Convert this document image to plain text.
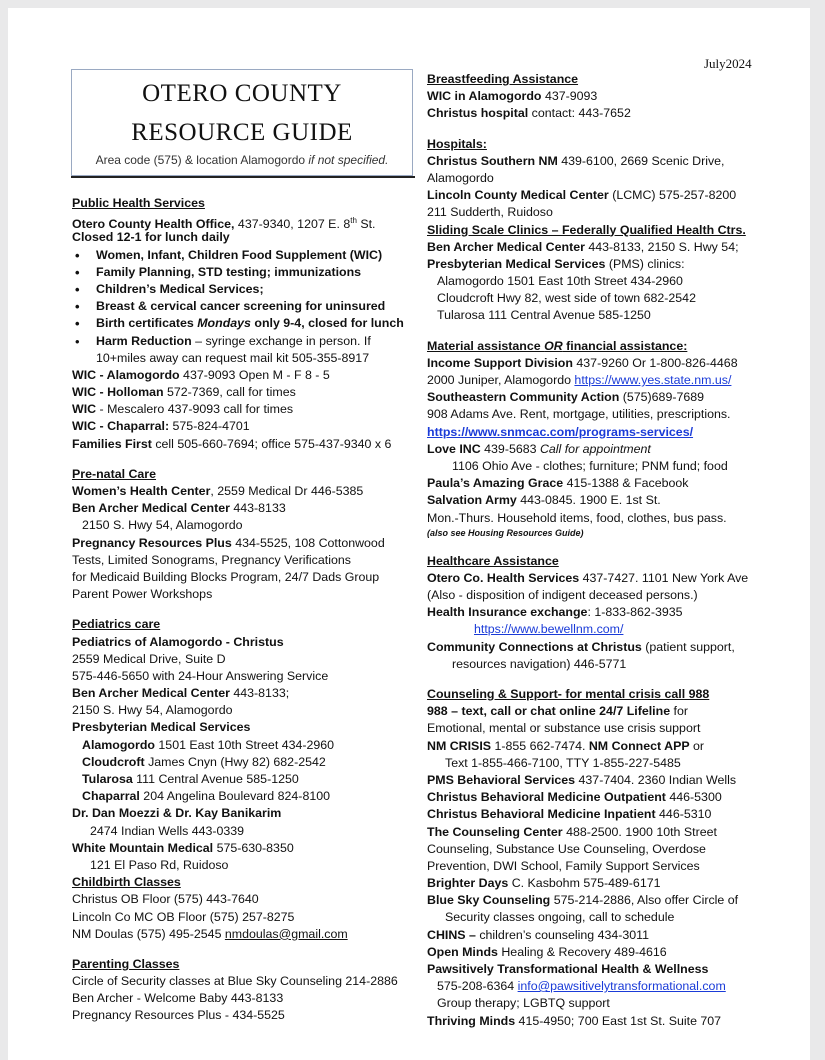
July2024
OTERO COUNTY
RESOURCE GUIDE
Area code (575) & location Alamogordo if not specified.
Public Health Services
Otero County Health Office, 437-9340, 1207 E. 8th St.
Closed 12-1 for lunch daily
• Women, Infant, Children Food Supplement (WIC)
• Family Planning, STD testing; immunizations
• Children’s Medical Services;
• Breast & cervical cancer screening for uninsured
• Birth certificates Mondays only 9-4, closed for lunch
• Harm Reduction – syringe exchange in person. If
10+miles away can request mail kit 505-355-8917
WIC - Alamogordo 437-9093 Open M - F 8 - 5
WIC - Holloman 572-7369, call for times
WIC - Mescalero 437-9093 call for times
WIC - Chaparral: 575-824-4701
Families First cell 505-660-7694; office 575-437-9340 x 6
Pre-natal Care
Women’s Health Center, 2559 Medical Dr 446-5385
Ben Archer Medical Center 443-8133
2150 S. Hwy 54, Alamogordo
Pregnancy Resources Plus 434-5525, 108 Cottonwood
Tests, Limited Sonograms, Pregnancy Verifications
for Medicaid Building Blocks Program, 24/7 Dads Group
Parent Power Workshops
Pediatrics care
Pediatrics of Alamogordo - Christus
2559 Medical Drive, Suite D
575-446-5650 with 24-Hour Answering Service
Ben Archer Medical Center 443-8133;
2150 S. Hwy 54, Alamogordo
Presbyterian Medical Services
Alamogordo 1501 East 10th Street 434-2960
Cloudcroft James Cnyn (Hwy 82) 682-2542
Tularosa 111 Central Avenue 585-1250
Chaparral 204 Angelina Boulevard 824-8100
Dr. Dan Moezzi & Dr. Kay Banikarim
2474 Indian Wells 443-0339
White Mountain Medical 575-630-8350
121 El Paso Rd, Ruidoso
Childbirth Classes
Christus OB Floor (575) 443-7640
Lincoln Co MC OB Floor (575) 257-8275
NM Doulas (575) 495-2545 nmdoulas@gmail.com
Parenting Classes
Circle of Security classes at Blue Sky Counseling 214-2886
Ben Archer - Welcome Baby 443-8133
Pregnancy Resources Plus - 434-5525
Breastfeeding Assistance
WIC in Alamogordo 437-9093
Christus hospital contact: 443-7652
Hospitals:
Christus Southern NM 439-6100, 2669 Scenic Drive,
Alamogordo
Lincoln County Medical Center (LCMC) 575-257-8200
211 Sudderth, Ruidoso
Sliding Scale Clinics – Federally Qualified Health Ctrs.
Ben Archer Medical Center 443-8133, 2150 S. Hwy 54;
Presbyterian Medical Services (PMS) clinics:
Alamogordo 1501 East 10th Street 434-2960
Cloudcroft Hwy 82, west side of town 682-2542
Tularosa 111 Central Avenue 585-1250
Material assistance OR financial assistance:
Income Support Division 437-9260 Or 1-800-826-4468
2000 Juniper, Alamogordo https://www.yes.state.nm.us/
Southeastern Community Action (575)689-7689
908 Adams Ave. Rent, mortgage, utilities, prescriptions.
https://www.snmcac.com/programs-services/
Love INC 439-5683 Call for appointment
1106 Ohio Ave - clothes; furniture; PNM fund; food
Paula’s Amazing Grace 415-1388 & Facebook
Salvation Army 443-0845. 1900 E. 1st St.
Mon.-Thurs. Household items, food, clothes, bus pass.
(also see Housing Resources Guide)
Healthcare Assistance
Otero Co. Health Services 437-7427. 1101 New York Ave
(Also - disposition of indigent deceased persons.)
Health Insurance exchange: 1-833-862-3935
https://www.bewellnm.com/
Community Connections at Christus (patient support,
resources navigation) 446-5771
Counseling & Support- for mental crisis call 988
988 – text, call or chat online 24/7 Lifeline for
Emotional, mental or substance use crisis support
NM CRISIS 1-855 662-7474. NM Connect APP or
Text 1-855-466-7100, TTY 1-855-227-5485
PMS Behavioral Services 437-7404. 2360 Indian Wells
Christus Behavioral Medicine Outpatient 446-5300
Christus Behavioral Medicine Inpatient 446-5310
The Counseling Center 488-2500. 1900 10th Street
Counseling, Substance Use Counseling, Overdose
Prevention, DWI School, Family Support Services
Brighter Days C. Kasbohm 575-489-6171
Blue Sky Counseling 575-214-2886, Also offer Circle of
Security classes ongoing, call to schedule
CHINS – children’s counseling 434-3011
Open Minds Healing & Recovery 489-4616
Pawsitively Transformational Health & Wellness
575-208-6364 info@pawsitivelytransformational.com
Group therapy; LGBTQ support
Thriving Minds 415-4950; 700 East 1st St. Suite 707
